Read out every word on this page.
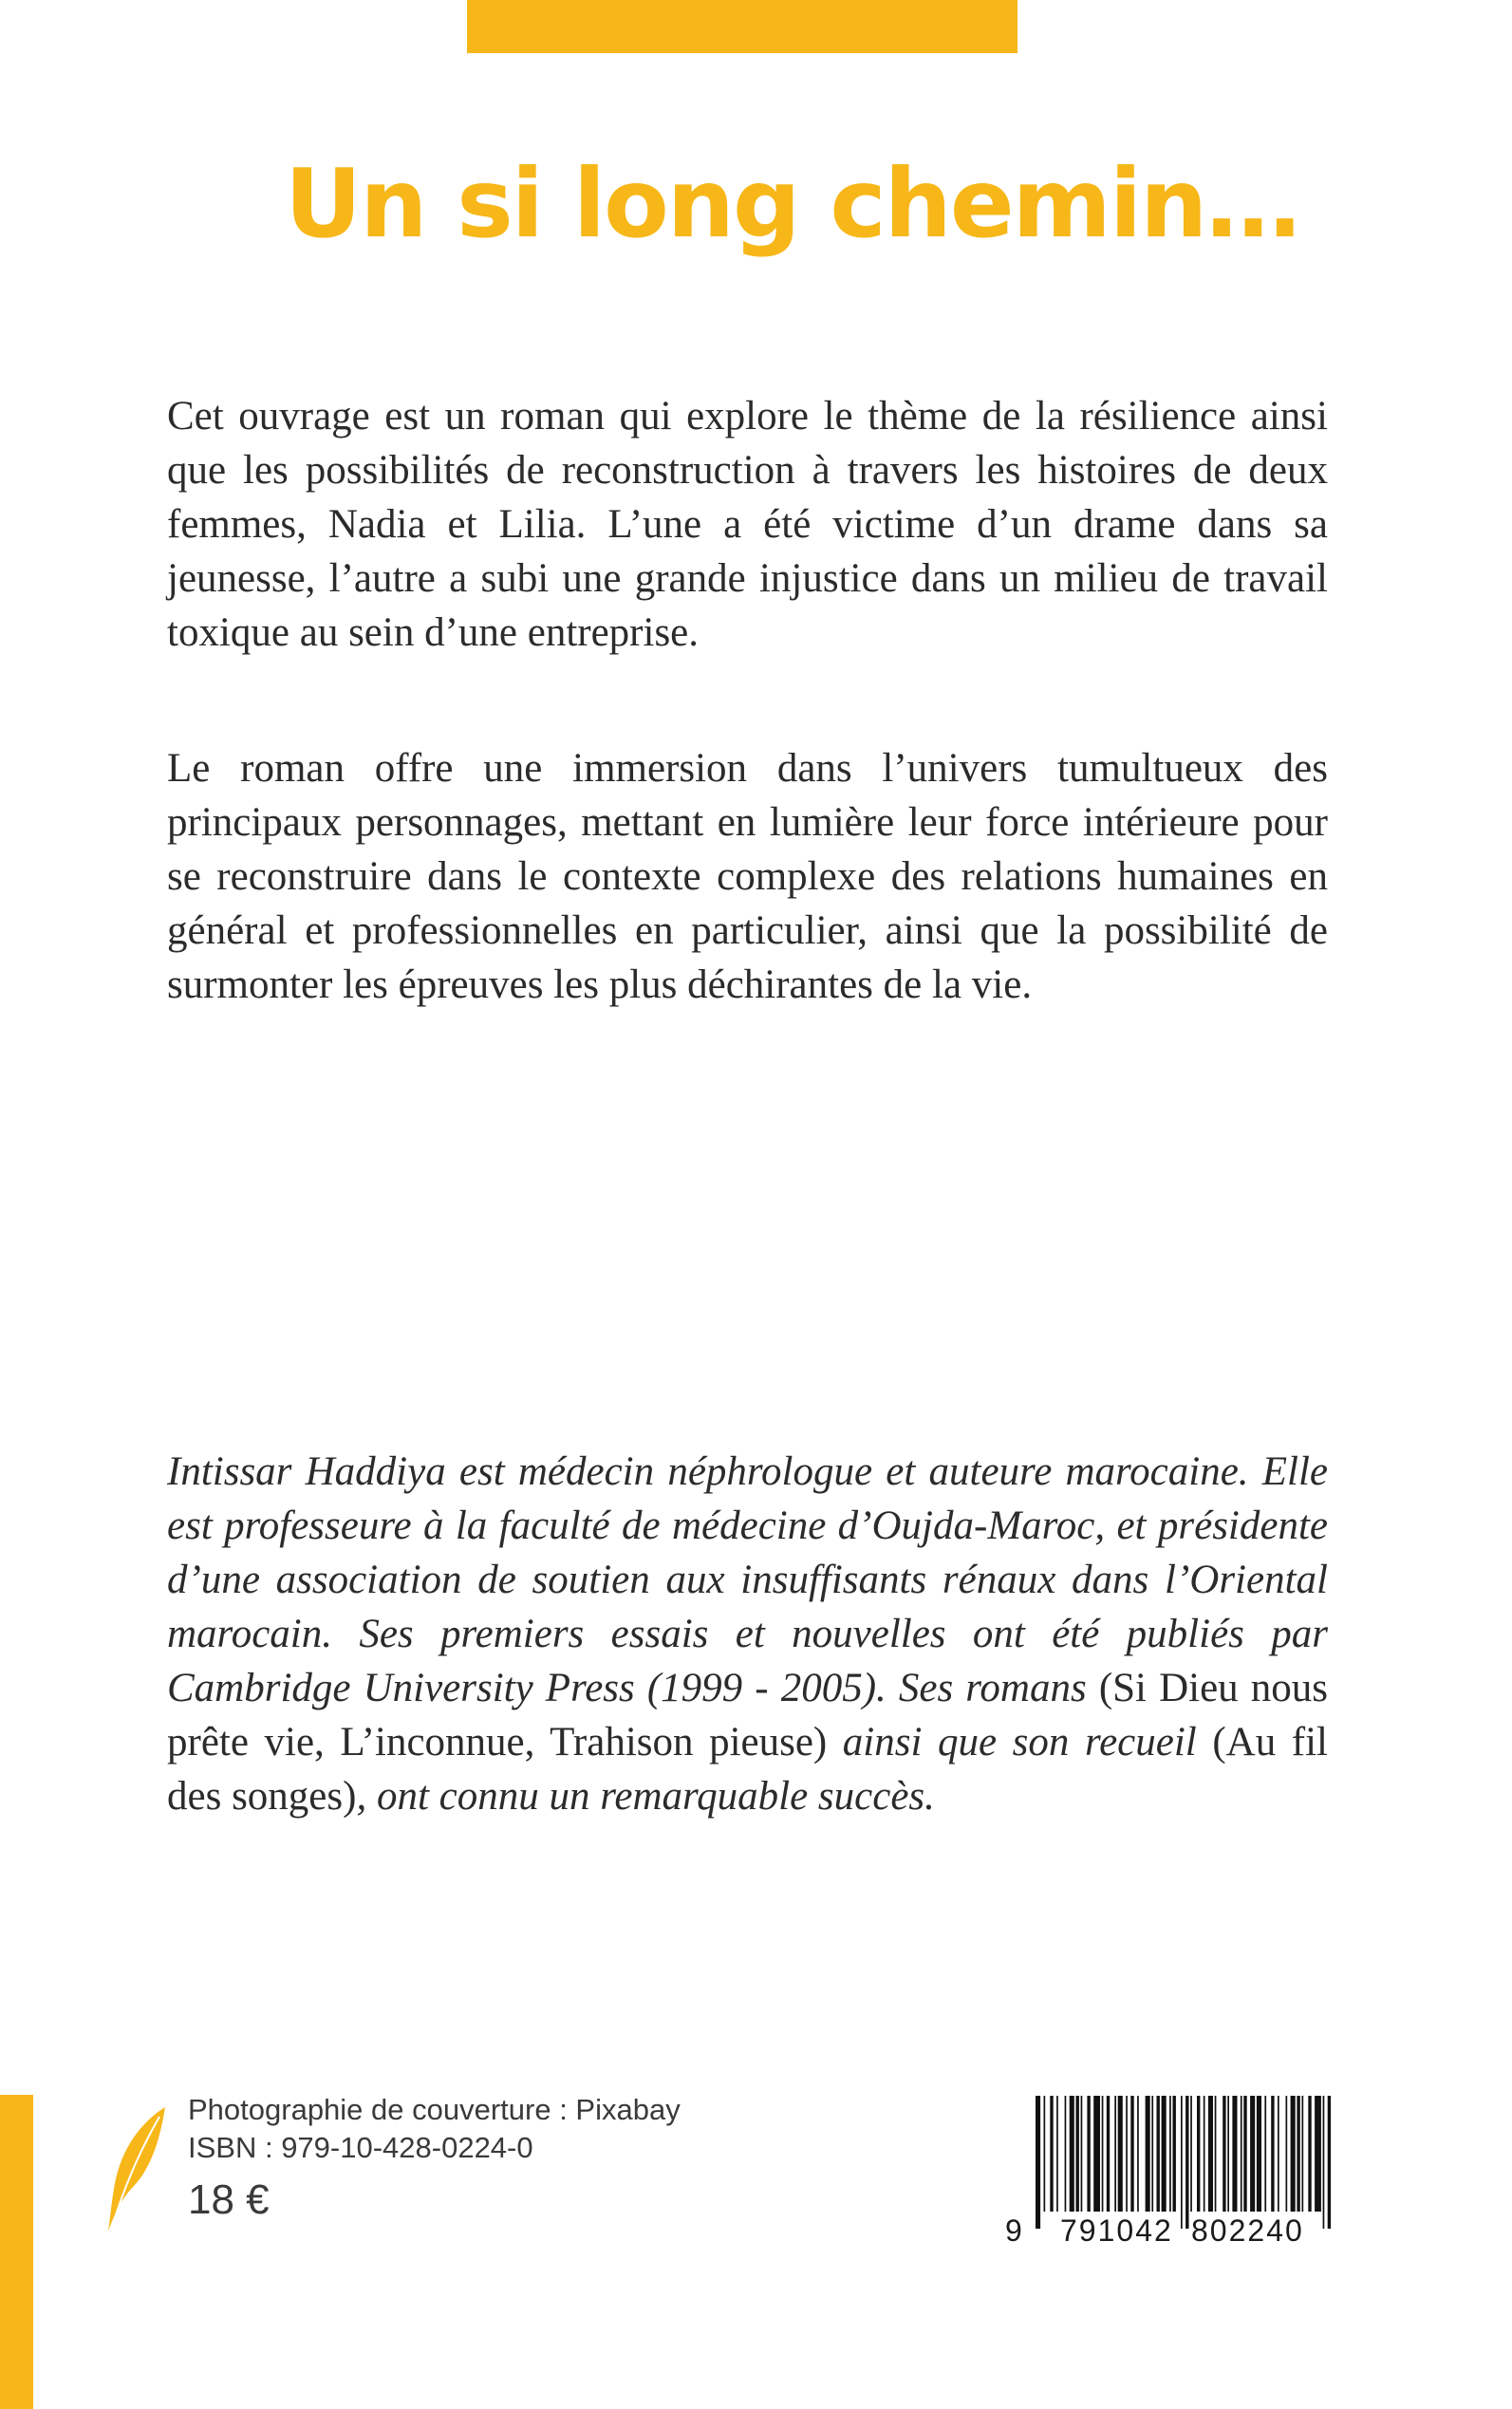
Un si long chemin…

Cet ouvrage est un roman qui explore le thème de la résilience ainsi que les possibilités de reconstruction à travers les histoires de deux femmes, Nadia et Lilia. L’une a été victime d’un drame dans sa jeunesse, l’autre a subi une grande injustice dans un milieu de travail toxique au sein d’une entreprise.

Le roman offre une immersion dans l’univers tumultueux des principaux personnages, mettant en lumière leur force intérieure pour se reconstruire dans le contexte complexe des relations humaines en général et professionnelles en particulier, ainsi que la possibilité de surmonter les épreuves les plus déchirantes de la vie.

Intissar Haddiya est médecin néphrologue et auteure marocaine. Elle est professeure à la faculté de médecine d’Oujda-Maroc, et présidente d’une association de soutien aux insuffisants rénaux dans l’Oriental marocain. Ses premiers essais et nouvelles ont été publiés par Cambridge University Press (1999 - 2005). Ses romans (Si Dieu nous prête vie, L’inconnue, Trahison pieuse) ainsi que son recueil (Au fil des songes), ont connu un remarquable succès.

Photographie de couverture : Pixabay
ISBN : 979-10-428-0224-0
18 €
9 791042 802240
